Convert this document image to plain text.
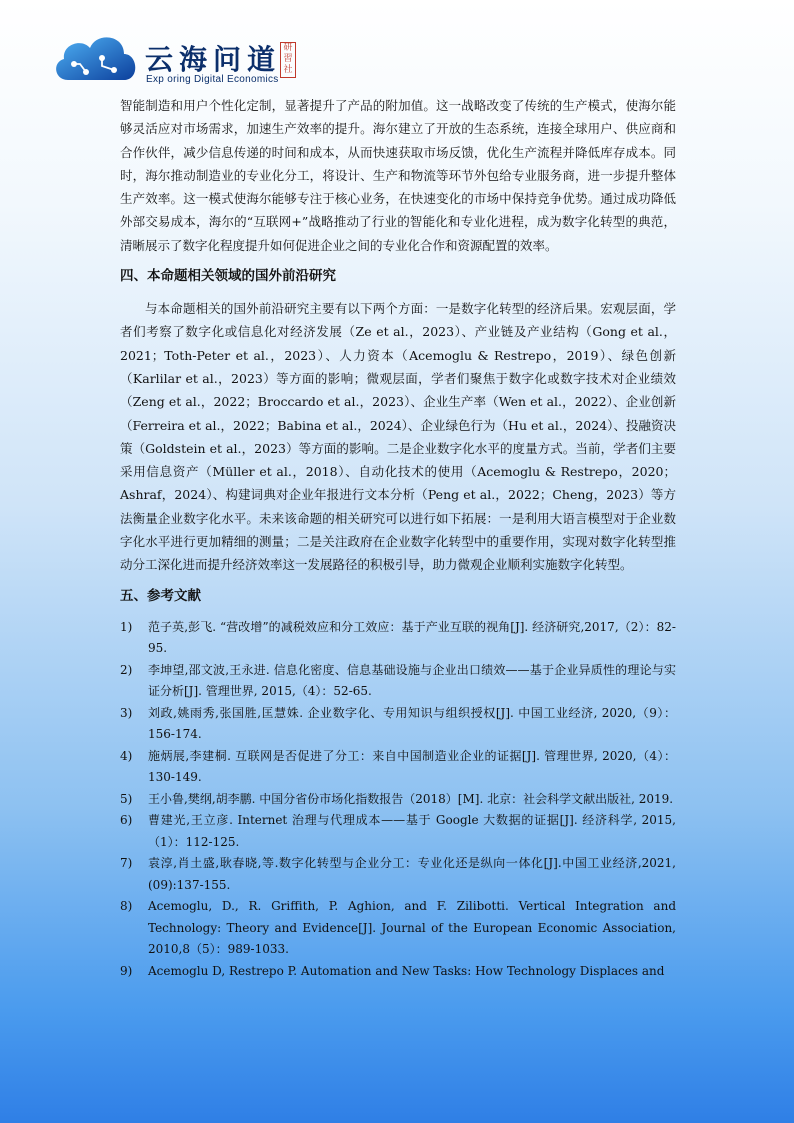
云海问道
Exp oring Digital Economics
研
習
社

智能制造和用户个性化定制，显著提升了产品的附加值。这一战略改变了传统的生产模式，使海尔能够灵活应对市场需求，加速生产效率的提升。海尔建立了开放的生态系统，连接全球用户、供应商和合作伙伴，减少信息传递的时间和成本，从而快速获取市场反馈，优化生产流程并降低库存成本。同时，海尔推动制造业的专业化分工，将设计、生产和物流等环节外包给专业服务商，进一步提升整体生产效率。这一模式使海尔能够专注于核心业务，在快速变化的市场中保持竞争优势。通过成功降低外部交易成本，海尔的“互联网+”战略推动了行业的智能化和专业化进程，成为数字化转型的典范，清晰展示了数字化程度提升如何促进企业之间的专业化合作和资源配置的效率。

四、本命题相关领域的国外前沿研究

与本命题相关的国外前沿研究主要有以下两个方面：一是数字化转型的经济后果。宏观层面，学者们考察了数字化或信息化对经济发展（Ze et al.，2023）、产业链及产业结构（Gong et al.，2021；Toth-Peter et al.，2023）、人力资本（Acemoglu & Restrepo，2019）、绿色创新（Karlilar et al.，2023）等方面的影响；微观层面，学者们聚焦于数字化或数字技术对企业绩效（Zeng et al.，2022；Broccardo et al.，2023）、企业生产率（Wen et al.，2022）、企业创新（Ferreira et al.，2022；Babina et al.，2024）、企业绿色行为（Hu et al.，2024）、投融资决策（Goldstein et al.，2023）等方面的影响。二是企业数字化水平的度量方式。当前，学者们主要采用信息资产（Müller et al.，2018）、自动化技术的使用（Acemoglu & Restrepo，2020；Ashraf，2024）、构建词典对企业年报进行文本分析（Peng et al.，2022；Cheng，2023）等方法衡量企业数字化水平。未来该命题的相关研究可以进行如下拓展：一是利用大语言模型对于企业数字化水平进行更加精细的测量；二是关注政府在企业数字化转型中的重要作用，实现对数字化转型推动分工深化进而提升经济效率这一发展路径的积极引导，助力微观企业顺利实施数字化转型。

五、参考文献
1) 范子英,彭飞. “营改增”的减税效应和分工效应：基于产业互联的视角[J]. 经济研究,2017,（2）：82-95.
2) 李坤望,邵文波,王永进. 信息化密度、信息基础设施与企业出口绩效——基于企业异质性的理论与实证分析[J]. 管理世界, 2015,（4）：52-65.
3) 刘政,姚雨秀,张国胜,匡慧姝. 企业数字化、专用知识与组织授权[J]. 中国工业经济, 2020,（9）：156-174.
4) 施炳展,李建桐. 互联网是否促进了分工：来自中国制造业企业的证据[J]. 管理世界, 2020,（4）：130-149.
5) 王小鲁,樊纲,胡李鹏. 中国分省份市场化指数报告（2018）[M]. 北京：社会科学文献出版社, 2019.
6) 曹建光,王立彦. Internet 治理与代理成本——基于 Google 大数据的证据[J]. 经济科学, 2015,（1）：112-125.
7) 袁淳,肖土盛,耿春晓,等.数字化转型与企业分工：专业化还是纵向一体化[J].中国工业经济,2021,(09):137-155.
8) Acemoglu, D., R. Griffith, P. Aghion, and F. Zilibotti. Vertical Integration and Technology: Theory and Evidence[J]. Journal of the European Economic Association, 2010,8（5）：989-1033.
9) Acemoglu D, Restrepo P. Automation and New Tasks: How Technology Displaces and
